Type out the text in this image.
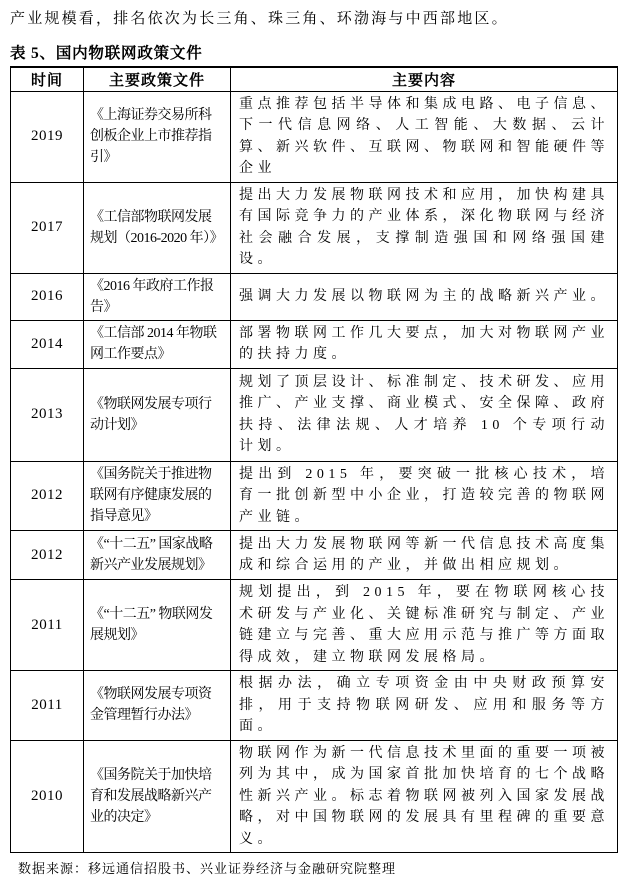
产业规模看，排名依次为长三角、珠三角、环渤海与中西部地区。

表 5、国内物联网政策文件

时间	主要政策文件	主要内容
2019	《上海证券交易所科创板企业上市推荐指引》	重点推荐包括半导体和集成电路、电子信息、下一代信息网络、人工智能、大数据、云计算、新兴软件、互联网、物联网和智能硬件等企业
2017	《工信部物联网发展规划（2016-2020 年）》	提出大力发展物联网技术和应用，加快构建具有国际竞争力的产业体系，深化物联网与经济社会融合发展，支撑制造强国和网络强国建设。
2016	《2016 年政府工作报告》	强调大力发展以物联网为主的战略新兴产业。
2014	《工信部 2014 年物联网工作要点》	部署物联网工作几大要点，加大对物联网产业的扶持力度。
2013	《物联网发展专项行动计划》	规划了顶层设计、标准制定、技术研发、应用推广、产业支撑、商业模式、安全保障、政府扶持、法律法规、人才培养 10 个专项行动计划。
2012	《国务院关于推进物联网有序健康发展的指导意见》	提出到 2015 年，要突破一批核心技术，培育一批创新型中小企业，打造较完善的物联网产业链。
2012	《“十二五” 国家战略新兴产业发展规划》	提出大力发展物联网等新一代信息技术高度集成和综合运用的产业，并做出相应规划。
2011	《“十二五” 物联网发展规划》	规划提出，到 2015 年，要在物联网核心技术研发与产业化、关键标准研究与制定、产业链建立与完善、重大应用示范与推广等方面取得成效，建立物联网发展格局。
2011	《物联网发展专项资金管理暂行办法》	根据办法，确立专项资金由中央财政预算安排，用于支持物联网研发、应用和服务等方面。
2010	《国务院关于加快培育和发展战略新兴产业的决定》	物联网作为新一代信息技术里面的重要一项被列为其中，成为国家首批加快培育的七个战略性新兴产业。标志着物联网被列入国家发展战略，对中国物联网的发展具有里程碑的重要意义。

数据来源：移远通信招股书、兴业证券经济与金融研究院整理
